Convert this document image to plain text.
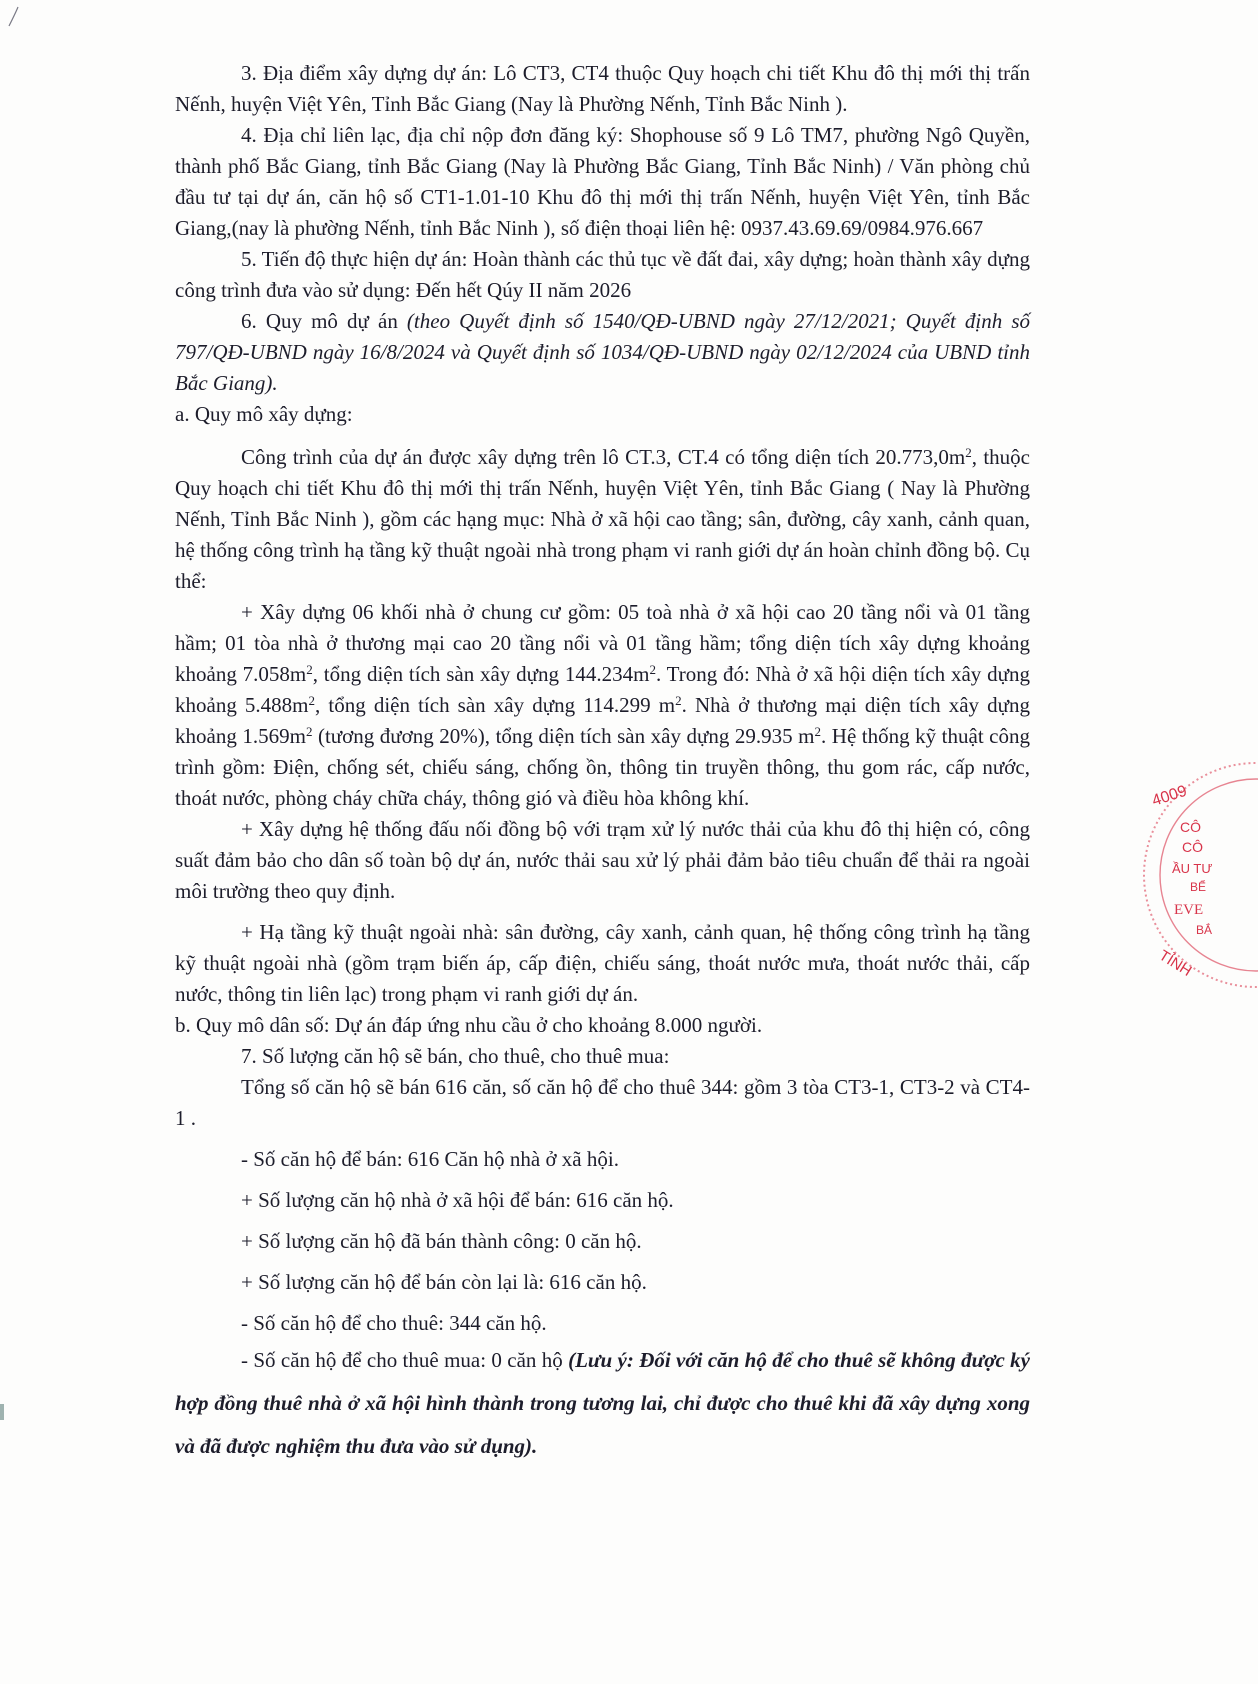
3. Địa điểm xây dựng dự án: Lô CT3, CT4 thuộc Quy hoạch chi tiết Khu đô thị mới thị trấn Nếnh, huyện Việt Yên, Tỉnh Bắc Giang (Nay là Phường Nếnh, Tỉnh Bắc Ninh ).

4. Địa chỉ liên lạc, địa chỉ nộp đơn đăng ký: Shophouse số 9 Lô TM7, phường Ngô Quyền, thành phố Bắc Giang, tỉnh Bắc Giang (Nay là Phường Bắc Giang, Tỉnh Bắc Ninh) / Văn phòng chủ đầu tư tại dự án, căn hộ số CT1-1.01-10 Khu đô thị mới thị trấn Nếnh, huyện Việt Yên, tỉnh Bắc Giang,(nay là phường Nếnh, tỉnh Bắc Ninh ), số điện thoại liên hệ: 0937.43.69.69/0984.976.667

5. Tiến độ thực hiện dự án: Hoàn thành các thủ tục về đất đai, xây dựng; hoàn thành xây dựng công trình đưa vào sử dụng: Đến hết Qúy II năm 2026

6. Quy mô dự án (theo Quyết định số 1540/QĐ-UBND ngày 27/12/2021; Quyết định số 797/QĐ-UBND ngày 16/8/2024 và Quyết định số 1034/QĐ-UBND ngày 02/12/2024 của UBND tỉnh Bắc Giang).

a. Quy mô xây dựng:

Công trình của dự án được xây dựng trên lô CT.3, CT.4 có tổng diện tích $20.773,0m^2$, thuộc Quy hoạch chi tiết Khu đô thị mới thị trấn Nếnh, huyện Việt Yên, tỉnh Bắc Giang ( Nay là Phường Nếnh, Tỉnh Bắc Ninh ), gồm các hạng mục: Nhà ở xã hội cao tầng; sân, đường, cây xanh, cảnh quan, hệ thống công trình hạ tầng kỹ thuật ngoài nhà trong phạm vi ranh giới dự án hoàn chỉnh đồng bộ. Cụ thể:

+ Xây dựng 06 khối nhà ở chung cư gồm: 05 toà nhà ở xã hội cao 20 tầng nổi và 01 tầng hầm; 01 tòa nhà ở thương mại cao 20 tầng nổi và 01 tầng hầm; tổng diện tích xây dựng khoảng khoảng $7.058m^2$, tổng diện tích sàn xây dựng $144.234m^2$. Trong đó: Nhà ở xã hội diện tích xây dựng khoảng $5.488m^2$, tổng diện tích sàn xây dựng 114.299 $m^2$. Nhà ở thương mại diện tích xây dựng khoảng $1.569m^2$ (tương đương 20%), tổng diện tích sàn xây dựng 29.935 $m^2$. Hệ thống kỹ thuật công trình gồm: Điện, chống sét, chiếu sáng, chống ồn, thông tin truyền thông, thu gom rác, cấp nước, thoát nước, phòng cháy chữa cháy, thông gió và điều hòa không khí.

+ Xây dựng hệ thống đấu nối đồng bộ với trạm xử lý nước thải của khu đô thị hiện có, công suất đảm bảo cho dân số toàn bộ dự án, nước thải sau xử lý phải đảm bảo tiêu chuẩn để thải ra ngoài môi trường theo quy định.

+ Hạ tầng kỹ thuật ngoài nhà: sân đường, cây xanh, cảnh quan, hệ thống công trình hạ tầng kỹ thuật ngoài nhà (gồm trạm biến áp, cấp điện, chiếu sáng, thoát nước mưa, thoát nước thải, cấp nước, thông tin liên lạc) trong phạm vi ranh giới dự án.

b. Quy mô dân số: Dự án đáp ứng nhu cầu ở cho khoảng 8.000 người.

7. Số lượng căn hộ sẽ bán, cho thuê, cho thuê mua:

Tổng số căn hộ sẽ bán 616 căn, số căn hộ để cho thuê 344: gồm 3 tòa CT3-1, CT3-2 và CT4-1 .

- Số căn hộ để bán: 616 Căn hộ nhà ở xã hội.

+ Số lượng căn hộ nhà ở xã hội để bán: 616 căn hộ.

+ Số lượng căn hộ đã bán thành công: 0 căn hộ.

+ Số lượng căn hộ để bán còn lại là: 616 căn hộ.

- Số căn hộ để cho thuê: 344 căn hộ.

- Số căn hộ để cho thuê mua: 0 căn hộ (Lưu ý: Đối với căn hộ để cho thuê sẽ không được ký hợp đồng thuê nhà ở xã hội hình thành trong tương lai, chỉ được cho thuê khi đã xây dựng xong và đã được nghiệm thu đưa vào sử dụng).

4009
CÔ
CÔ
ẦU TƯ
BỂ
EVE
BẮ
TỈNH
